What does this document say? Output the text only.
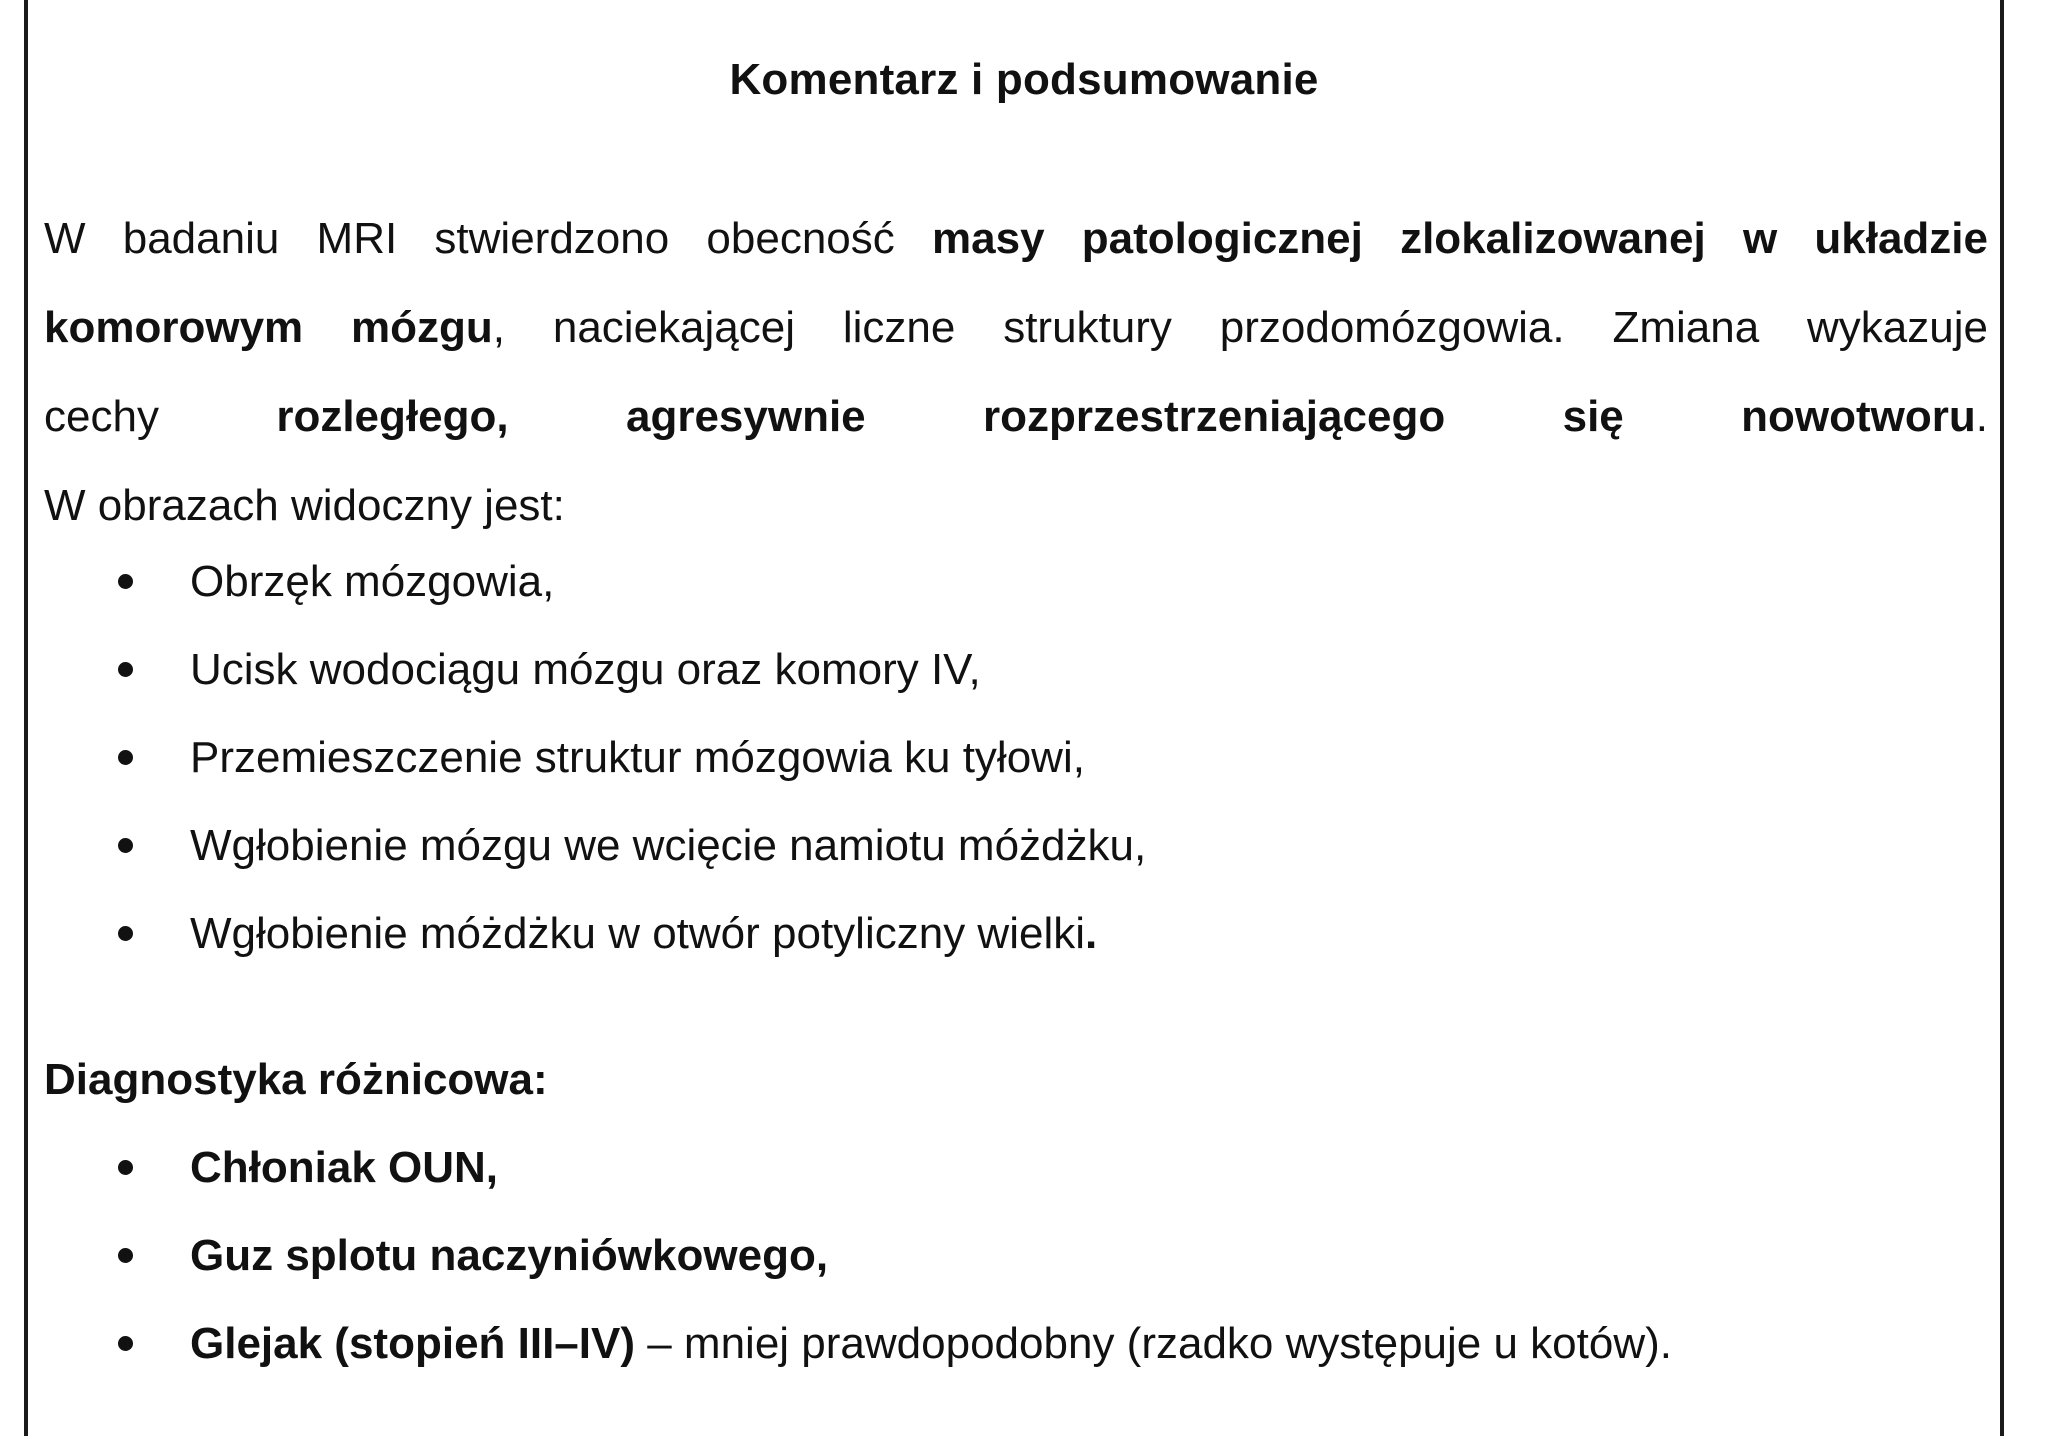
Komentarz i podsumowanie
W badaniu MRI stwierdzono obecność masy patologicznej zlokalizowanej w układzie
komorowym mózgu, naciekającej liczne struktury przodomózgowia. Zmiana wykazuje
cechy rozległego,	agresywnie	rozprzestrzeniającego	się	nowotworu.
W obrazach widoczny jest:
Obrzęk mózgowia,
Ucisk wodociągu mózgu oraz komory IV,
Przemieszczenie struktur mózgowia ku tyłowi,
Wgłobienie mózgu we wcięcie namiotu móżdżku,
Wgłobienie móżdżku w otwór potyliczny wielki.
Diagnostyka różnicowa:
Chłoniak OUN,
Guz splotu naczyniówkowego,
Glejak (stopień III–IV) – mniej prawdopodobny (rzadko występuje u kotów).
